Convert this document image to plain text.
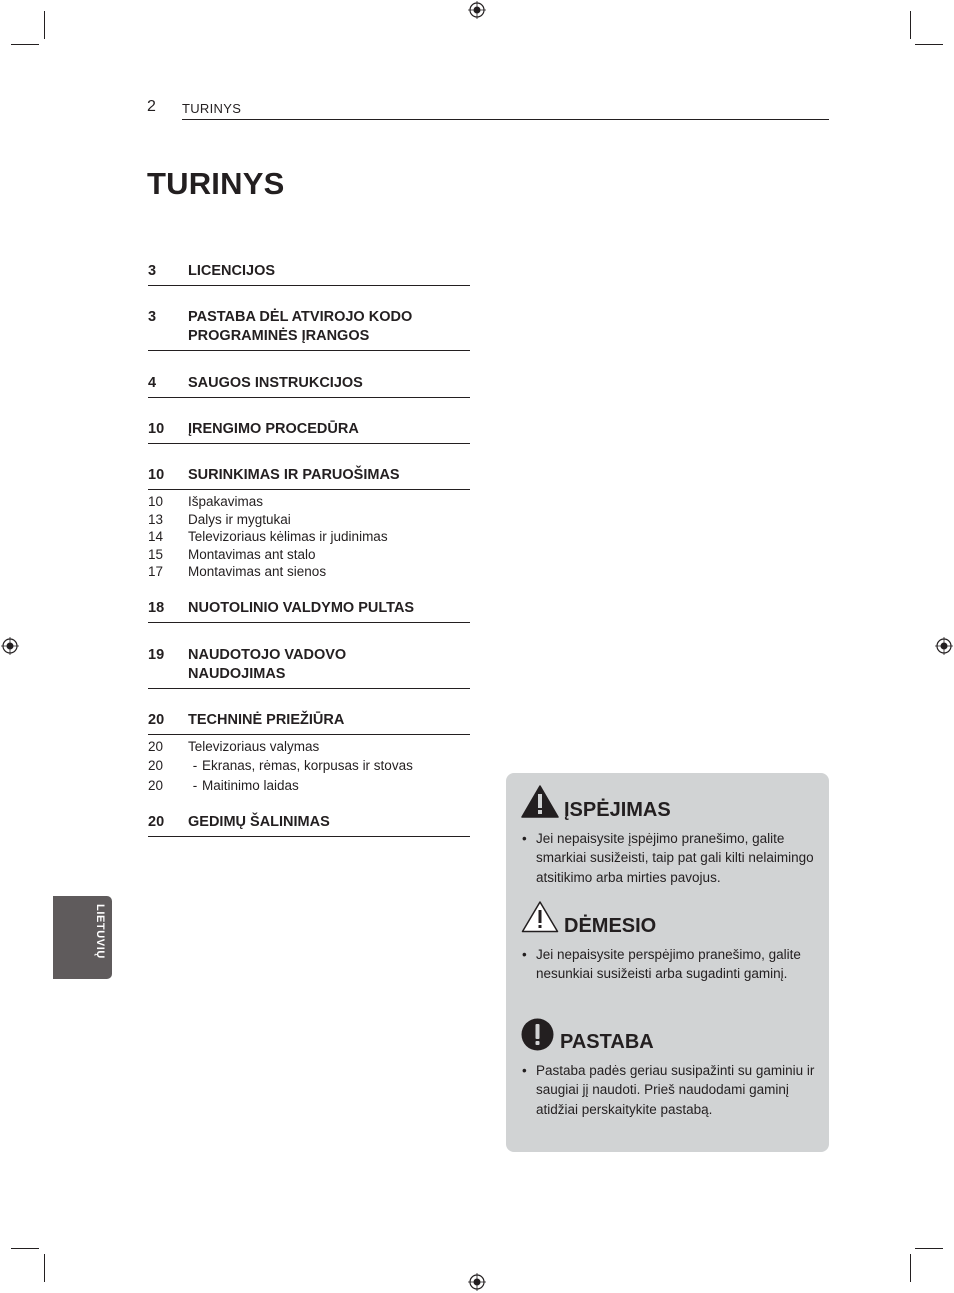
2 TURINYS
TURINYS
3 LICENCIJOS
3 PASTABA DĖL ATVIROJO KODO
PROGRAMINĖS ĮRANGOS
4 SAUGOS INSTRUKCIJOS
10 ĮRENGIMO PROCEDŪRA
10 SURINKIMAS IR PARUOŠIMAS
10 Išpakavimas
13 Dalys ir mygtukai
14 Televizoriaus kėlimas ir judinimas
15 Montavimas ant stalo
17 Montavimas ant sienos
18 NUOTOLINIO VALDYMO PULTAS
19 NAUDOTOJO VADOVO
NAUDOJIMAS
20 TECHNINĖ PRIEŽIŪRA
20 Televizoriaus valymas
20 - Ekranas, rėmas, korpusas ir stovas
20 - Maitinimo laidas
20 GEDIMŲ ŠALINIMAS
LIETUVIŲ
ĮSPĖJIMAS
• Jei nepaisysite įspėjimo pranešimo, galite smarkiai susižeisti, taip pat gali kilti nelaimingo atsitikimo arba mirties pavojus.
DĖMESIO
• Jei nepaisysite perspėjimo pranešimo, galite nesunkiai susižeisti arba sugadinti gaminį.
PASTABA
• Pastaba padės geriau susipažinti su gaminiu ir saugiai jį naudoti. Prieš naudodami gaminį atidžiai perskaitykite pastabą.
